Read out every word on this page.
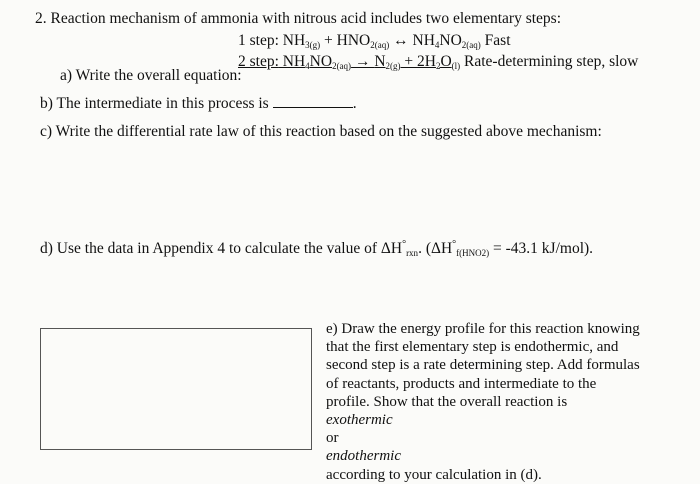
2. Reaction mechanism of ammonia with nitrous acid includes two elementary steps:
1 step: $NH_{3(g)} + HNO_{2(aq)}$ ↔ $NH_4NO_{2(aq)}$ Fast
2 step: $NH_4NO_{2(aq)} \to N_{2(g)} + 2H_2O_{(l)}$ Rate-determining step, slow
a) Write the overall equation:
b) The intermediate in this process is	.
c) Write the differential rate law of this reaction based on the suggested above mechanism:
d) Use the data in Appendix 4 to calculate the value of $\Delta H^\circ_{rxn}$. ($\Delta H^\circ_{f(HNO2)} = -43.1$ kJ/mol).
e) Draw the energy profile for this reaction knowing
that the first elementary step is endothermic, and
second step is a rate determining step. Add formulas
of reactants, products and intermediate to the
profile. Show that the overall reaction is
exothermic
or
endothermic
according to your calculation in (d).
